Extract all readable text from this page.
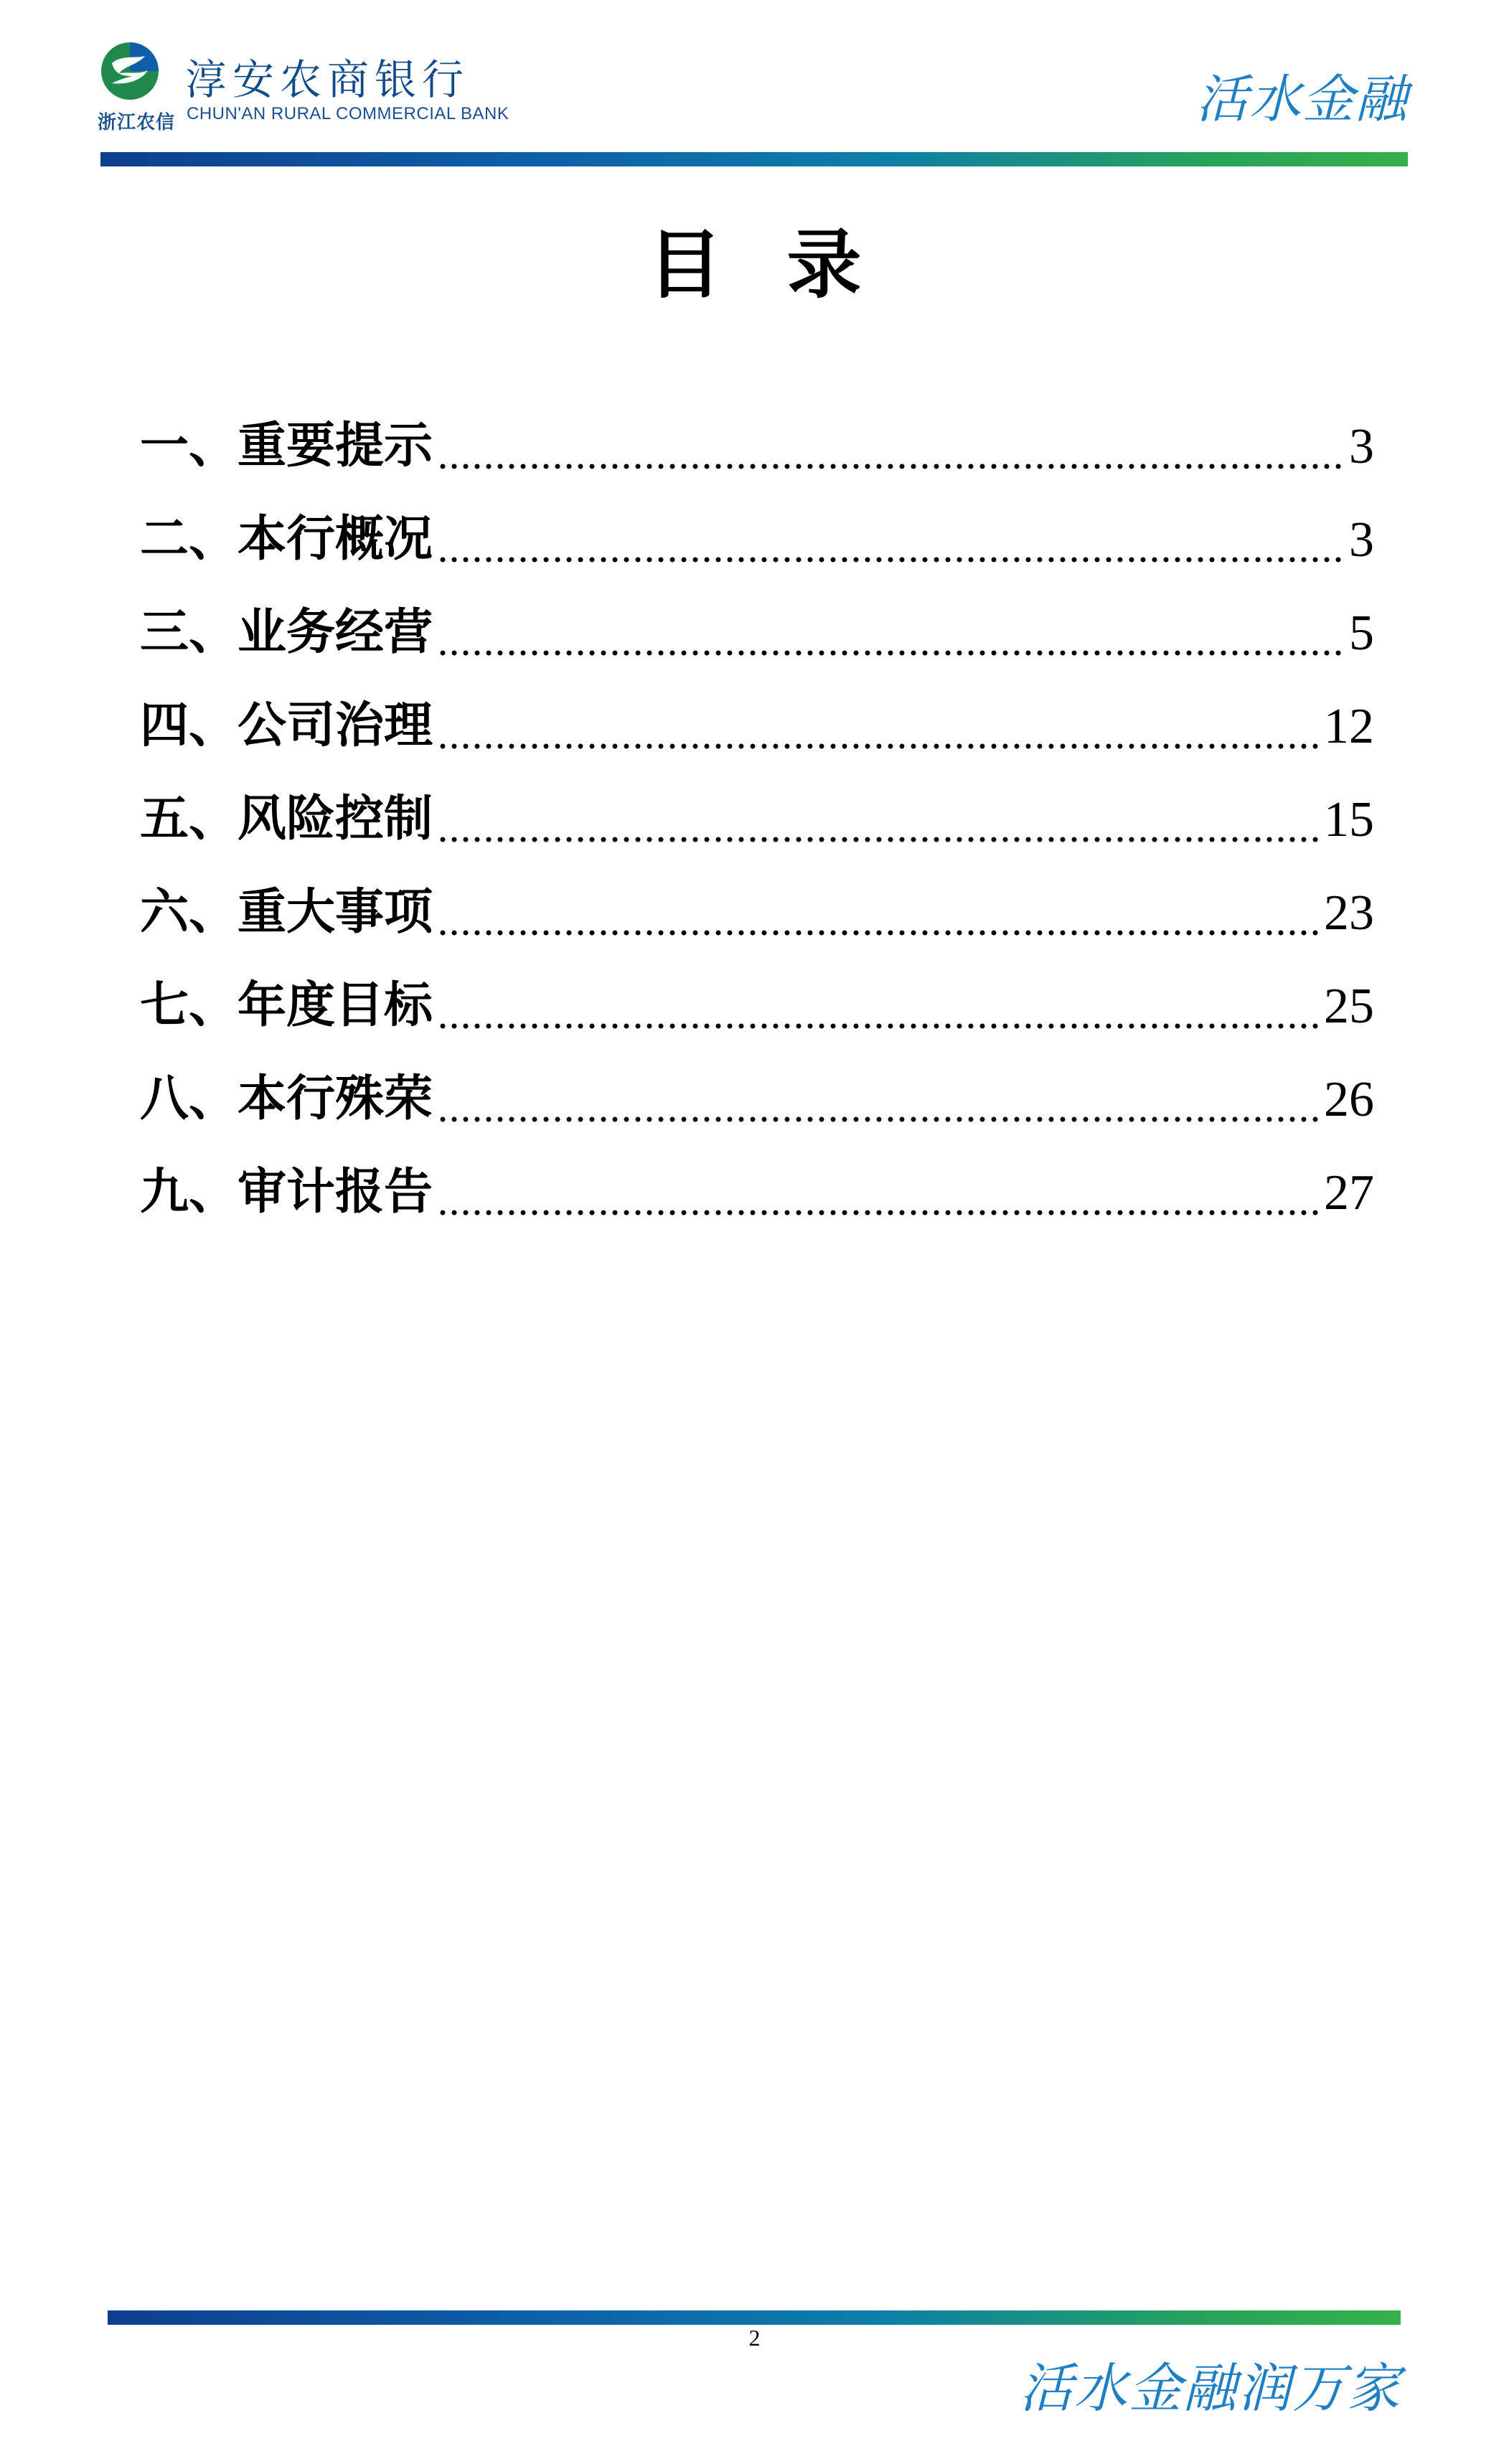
浙江农信
淳安农商银行
CHUN'AN RURAL COMMERCIAL BANK	活水金融
目 录
一、重要提示	3
二、本行概况	3
三、业务经营	5
四、公司治理	12
五、风险控制	15
六、重大事项	23
七、年度目标	25
八、本行殊荣	26
九、审计报告	27
2
活水金融润万家
